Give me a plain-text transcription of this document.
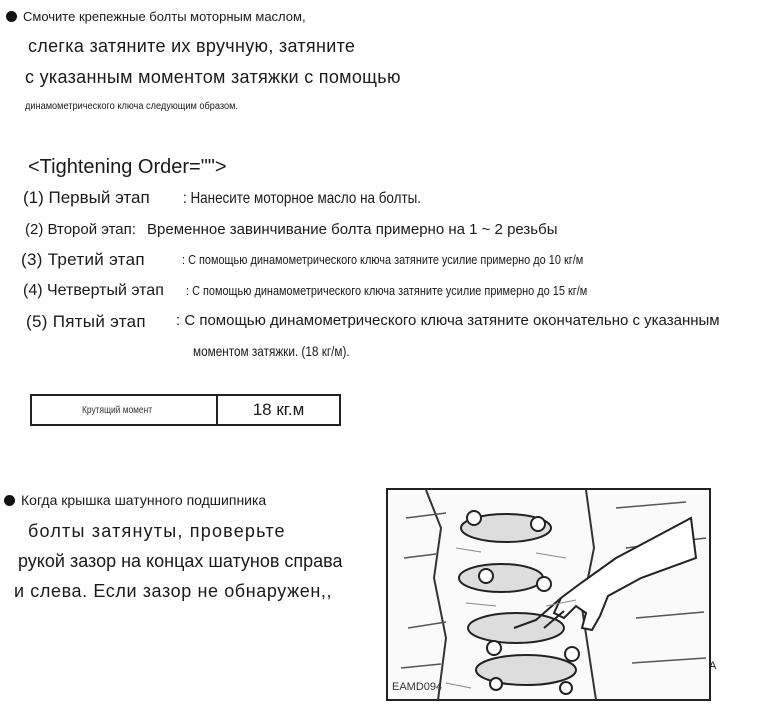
Смочите крепежные болты моторным маслом,
слегка затяните их вручную, затяните
с указанным моментом затяжки с помощью
динамометрического ключа следующим образом.
<Tightening Order="">
(1) Первый этап : Нанесите моторное масло на болты.
(2) Второй этап: Временное завинчивание болта примерно на 1 ~ 2 резьбы
(3) Третий этап	: С помощью динамометрического ключа затяните усилие примерно до 10 кг/м
(4) Четвертый этап : С помощью динамометрического ключа затяните усилие примерно до 15 кг/м
(5) Пятый этап : С помощью динамометрического ключа затяните окончательно с указанным
моментом затяжки. (18 кг/м).
Крутящий момент	18 кг.м
Когда крышка шатунного подшипника
болты затянуты, проверьте
рукой зазор на концах шатунов справа
и слева. Если зазор не обнаружен,,
EAMD094
A
